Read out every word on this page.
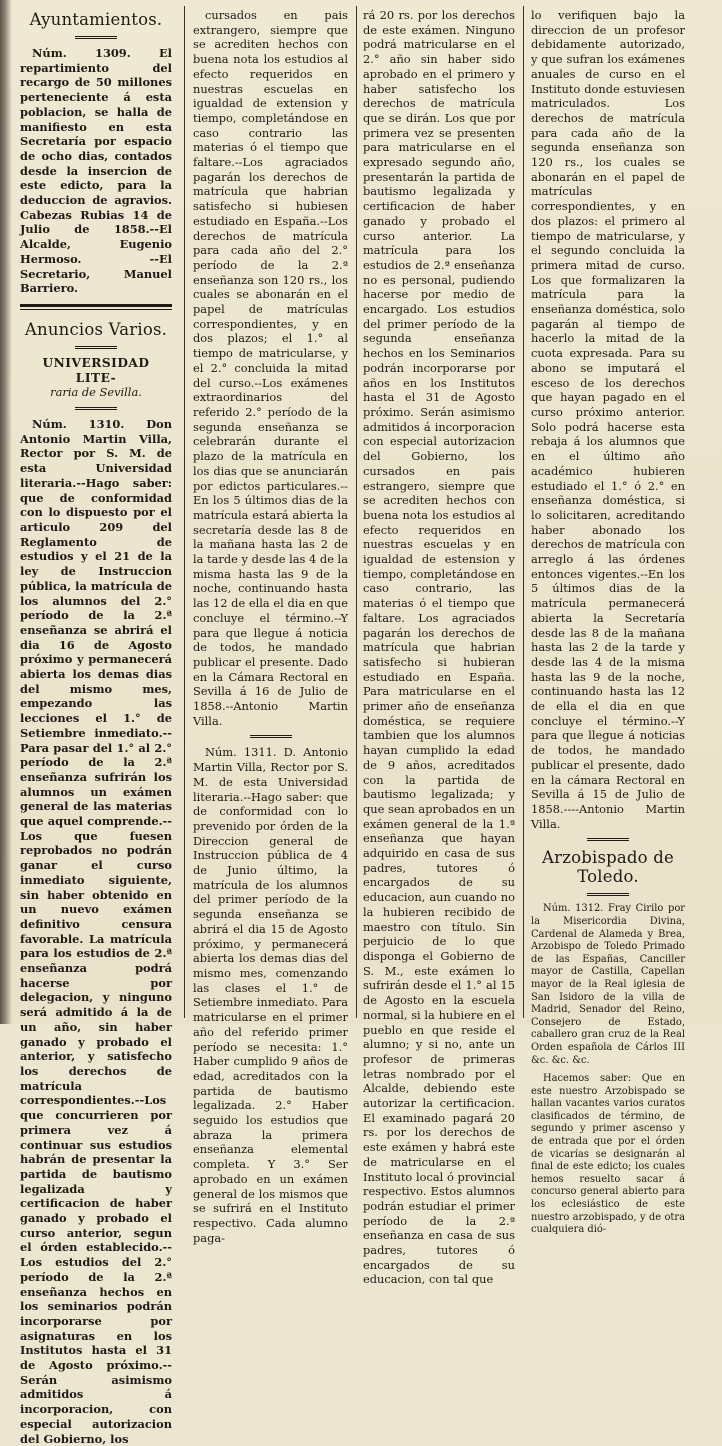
Ayuntamientos.

Núm. 1309. El repartimiento del recargo de 50 millones perteneciente á esta poblacion, se halla de manifiesto en esta Secretaría por espacio de ocho dias, contados desde la insercion de este edicto, para la deduccion de agravios. Cabezas Rubias 14 de Julio de 1858.--El Alcalde, Eugenio Hermoso. --El Secretario, Manuel Barriero.

Anuncios Varios.
UNIVERSIDAD LITE-
raria de Sevilla.

Núm. 1310. Don Antonio Martin Villa, Rector por S. M. de esta Universidad literaria.--Hago saber: que de conformidad con lo dispuesto por el articulo 209 del Reglamento de estudios y el 21 de la ley de Instruccion pública, la matrícula de los alumnos del 2.° período de la 2.ª enseñanza se abrirá el dia 16 de Agosto próximo y permanecerá abierta los demas dias del mismo mes, empezando las lecciones el 1.° de Setiembre inmediato.--Para pasar del 1.° al 2.° período de la 2.ª enseñanza sufrirán los alumnos un exámen general de las materias que aquel comprende.--Los que fuesen reprobados no podrán ganar el curso inmediato siguiente, sin haber obtenido en un nuevo exámen definitivo censura favorable. La matrícula para los estudios de 2.ª enseñanza podrá hacerse por delegacion, y ninguno será admitido á la de un año, sin haber ganado y probado el anterior, y satisfecho los derechos de matrícula correspondientes.--Los que concurrieren por primera vez á continuar sus estudios habrán de presentar la partida de bautismo legalizada y certificacion de haber ganado y probado el curso anterior, segun el órden establecido.--Los estudios del 2.° período de la 2.ª enseñanza hechos en los seminarios podrán incorporarse por asignaturas en los Institutos hasta el 31 de Agosto próximo.--Serán asimismo admitidos á incorporacion, con especial autorizacion del Gobierno, los

cursados en pais extrangero, siempre que se acrediten hechos con buena nota los estudios al efecto requeridos en nuestras escuelas en igualdad de extension y tiempo, completándose en caso contrario las materias ó el tiempo que faltare.--Los agraciados pagarán los derechos de matrícula que habrian satisfecho si hubiesen estudiado en España.--Los derechos de matrícula para cada año del 2.° período de la 2.ª enseñanza son 120 rs., los cuales se abonarán en el papel de matrículas correspondientes, y en dos plazos; el 1.° al tiempo de matricularse, y el 2.° concluida la mitad del curso.--Los exámenes extraordinarios del referido 2.° período de la segunda enseñanza se celebrarán durante el plazo de la matrícula en los dias que se anunciarán por edictos particulares.--En los 5 últimos dias de la matrícula estará abierta la secretaría desde las 8 de la mañana hasta las 2 de la tarde y desde las 4 de la misma hasta las 9 de la noche, continuando hasta las 12 de ella el dia en que concluye el término.--Y para que llegue á noticia de todos, he mandado publicar el presente. Dado en la Cámara Rectoral en Sevilla á 16 de Julio de 1858.--Antonio Martin Villa.

Núm. 1311. D. Antonio Martin Villa, Rector por S. M. de esta Universidad literaria.--Hago saber: que de conformidad con lo prevenido por órden de la Direccion general de Instruccion pública de 4 de Junio último, la matrícula de los alumnos del primer período de la segunda enseñanza se abrirá el dia 15 de Agosto próximo, y permanecerá abierta los demas dias del mismo mes, comenzando las clases el 1.° de Setiembre inmediato. Para matricularse en el primer año del referido primer período se necesita: 1.° Haber cumplido 9 años de edad, acreditados con la partida de bautismo legalizada. 2.° Haber seguido los estudios que abraza la primera enseñanza elemental completa. Y 3.° Ser aprobado en un exámen general de los mismos que se sufrirá en el Instituto respectivo. Cada alumno paga-

rá 20 rs. por los derechos de este exámen. Ninguno podrá matricularse en el 2.° año sin haber sido aprobado en el primero y haber satisfecho los derechos de matrícula que se dirán. Los que por primera vez se presenten para matricularse en el expresado segundo año, presentarán la partida de bautismo legalizada y certificacion de haber ganado y probado el curso anterior. La matrícula para los estudios de 2.ª enseñanza no es personal, pudiendo hacerse por medio de encargado. Los estudios del primer período de la segunda enseñanza hechos en los Seminarios podrán incorporarse por años en los Institutos hasta el 31 de Agosto próximo. Serán asimismo admitidos á incorporacion con especial autorizacion del Gobierno, los cursados en pais estrangero, siempre que se acrediten hechos con buena nota los estudios al efecto requeridos en nuestras escuelas y en igualdad de estension y tiempo, completándose en caso contrario, las materias ó el tiempo que faltare. Los agraciados pagarán los derechos de matrícula que habrian satisfecho si hubieran estudiado en España. Para matricularse en el primer año de enseñanza doméstica, se requiere tambien que los alumnos hayan cumplido la edad de 9 años, acreditados con la partida de bautismo legalizada; y que sean aprobados en un exámen general de la 1.ª enseñanza que hayan adquirido en casa de sus padres, tutores ó encargados de su educacion, aun cuando no la hubieren recibido de maestro con título. Sin perjuicio de lo que disponga el Gobierno de S. M., este exámen lo sufrirán desde el 1.° al 15 de Agosto en la escuela normal, si la hubiere en el pueblo en que reside el alumno; y si no, ante un profesor de primeras letras nombrado por el Alcalde, debiendo este autorizar la certificacion. El examinado pagará 20 rs. por los derechos de este exámen y habrá este de matricularse en el Instituto local ó provincial respectivo. Estos alumnos podrán estudiar el primer período de la 2.ª enseñanza en casa de sus padres, tutores ó encargados de su educacion, con tal que

lo verifiquen bajo la direccion de un profesor debidamente autorizado, y que sufran los exámenes anuales de curso en el Instituto donde estuviesen matriculados. Los derechos de matrícula para cada año de la segunda enseñanza son 120 rs., los cuales se abonarán en el papel de matrículas correspondientes, y en dos plazos: el primero al tiempo de matricularse, y el segundo concluida la primera mitad de curso. Los que formalizaren la matrícula para la enseñanza doméstica, solo pagarán al tiempo de hacerlo la mitad de la cuota expresada. Para su abono se imputará el esceso de los derechos que hayan pagado en el curso próximo anterior. Solo podrá hacerse esta rebaja á los alumnos que en el último año académico hubieren estudiado el 1.° ó 2.° en enseñanza doméstica, si lo solicitaren, acreditando haber abonado los derechos de matrícula con arreglo á las órdenes entonces vigentes.--En los 5 últimos dias de la matrícula permanecerá abierta la Secretaría desde las 8 de la mañana hasta las 2 de la tarde y desde las 4 de la misma hasta las 9 de la noche, continuando hasta las 12 de ella el dia en que concluye el término.--Y para que llegue á noticias de todos, he mandado publicar el presente, dado en la cámara Rectoral en Sevilla á 15 de Julio de 1858.----Antonio Martin Villa.

Arzobispado de Toledo.

Núm. 1312. Fray Cirilo por la Misericordia Divina, Cardenal de Alameda y Brea, Arzobispo de Toledo Primado de las Españas, Canciller mayor de Castilla, Capellan mayor de la Real iglesia de San Isidoro de la villa de Madrid, Senador del Reino, Consejero de Estado, caballero gran cruz de la Real Orden española de Cárlos III &c. &c. &c.

Hacemos saber: Que en este nuestro Arzobispado se hallan vacantes varios curatos clasificados de término, de segundo y primer ascenso y de entrada que por el órden de vicarías se designarán al final de este edicto; los cuales hemos resuelto sacar á concurso general abierto para los eclesiástico de este nuestro arzobispado, y de otra cualquiera dió-
